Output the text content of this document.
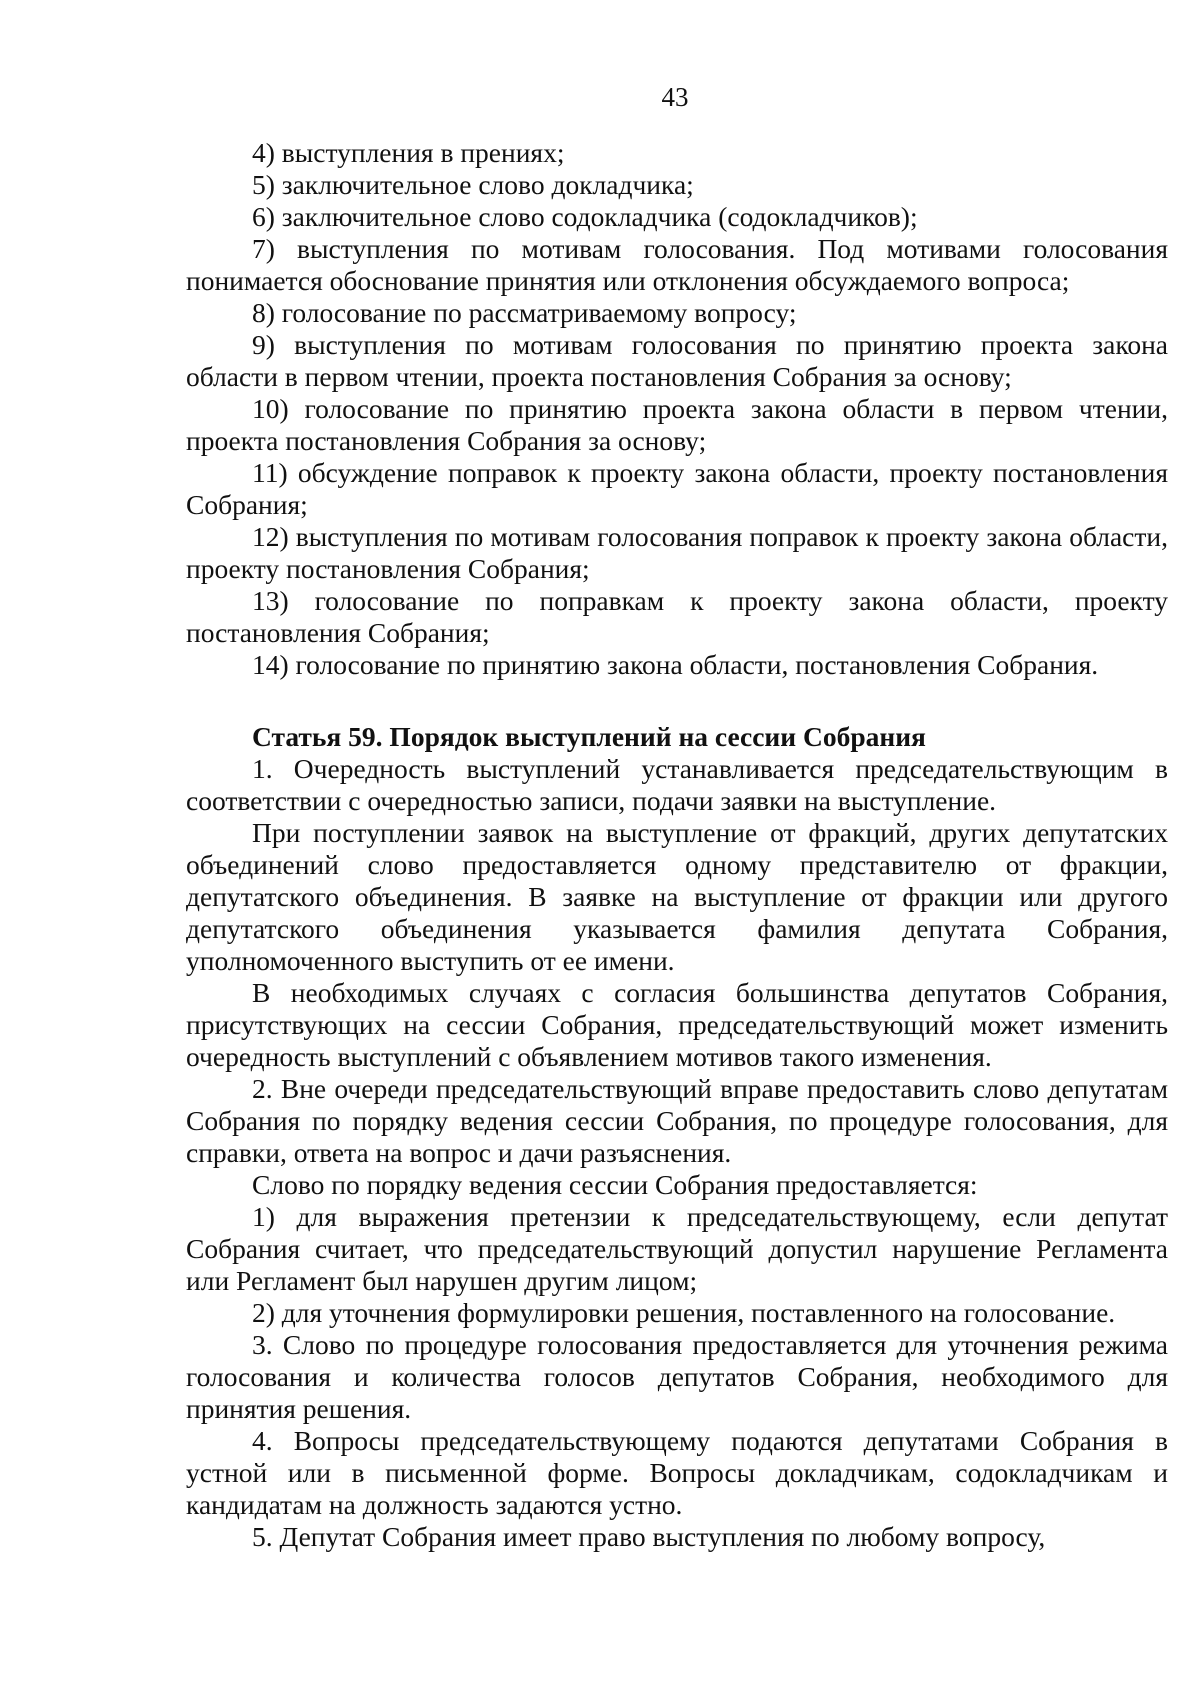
43

4) выступления в прениях;

5) заключительное слово докладчика;

6) заключительное слово содокладчика (содокладчиков);

7) выступления по мотивам голосования. Под мотивами голосования понимается обоснование принятия или отклонения обсуждаемого вопроса;

8) голосование по рассматриваемому вопросу;

9) выступления по мотивам голосования по принятию проекта закона области в первом чтении, проекта постановления Собрания за основу;

10) голосование по принятию проекта закона области в первом чтении, проекта постановления Собрания за основу;

11) обсуждение поправок к проекту закона области, проекту постановления Собрания;

12) выступления по мотивам голосования поправок к проекту закона области, проекту постановления Собрания;

13) голосование по поправкам к проекту закона области, проекту постановления Собрания;

14) голосование по принятию закона области, постановления Собрания.

Статья 59. Порядок выступлений на сессии Собрания

1. Очередность выступлений устанавливается председательствующим в соответствии с очередностью записи, подачи заявки на выступление.

При поступлении заявок на выступление от фракций, других депутатских объединений слово предоставляется одному представителю от фракции, депутатского объединения. В заявке на выступление от фракции или другого депутатского объединения указывается фамилия депутата Собрания, уполномоченного выступить от ее имени.

В необходимых случаях с согласия большинства депутатов Собрания, присутствующих на сессии Собрания, председательствующий может изменить очередность выступлений с объявлением мотивов такого изменения.

2. Вне очереди председательствующий вправе предоставить слово депутатам Собрания по порядку ведения сессии Собрания, по процедуре голосования, для справки, ответа на вопрос и дачи разъяснения.

Слово по порядку ведения сессии Собрания предоставляется:

1) для выражения претензии к председательствующему, если депутат Собрания считает, что председательствующий допустил нарушение Регламента или Регламент был нарушен другим лицом;

2) для уточнения формулировки решения, поставленного на голосование.

3. Слово по процедуре голосования предоставляется для уточнения режима голосования и количества голосов депутатов Собрания, необходимого для принятия решения.

4. Вопросы председательствующему подаются депутатами Собрания в устной или в письменной форме. Вопросы докладчикам, содокладчикам и кандидатам на должность задаются устно.

5. Депутат Собрания имеет право выступления по любому вопросу,
